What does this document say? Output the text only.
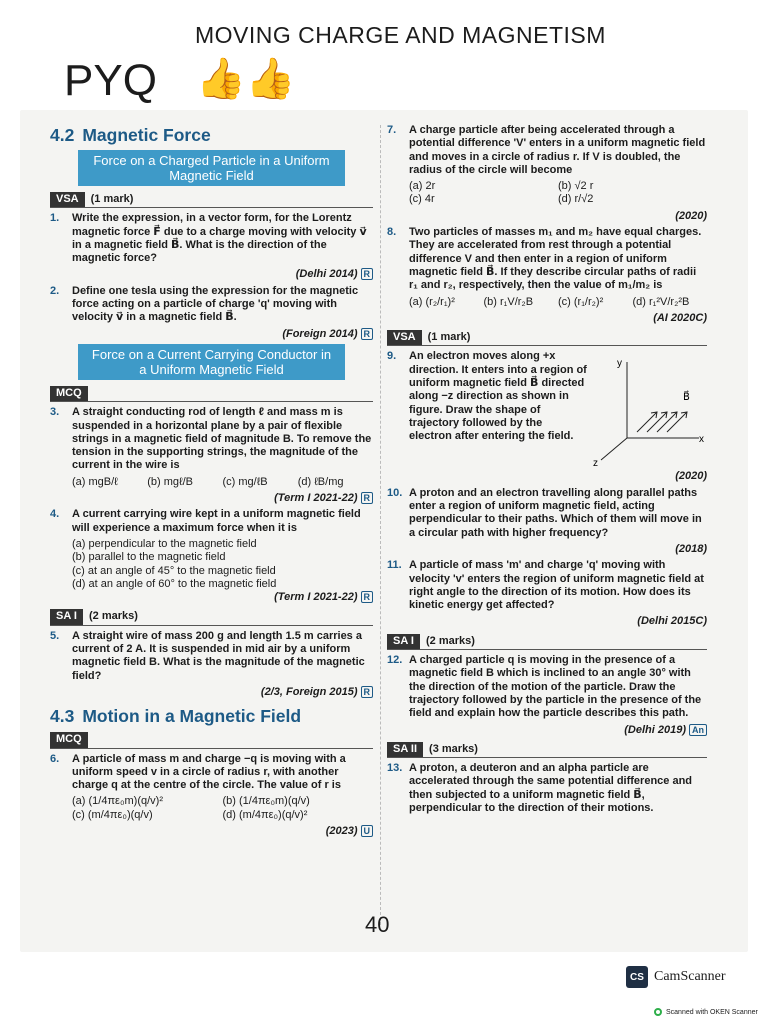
MOVING CHARGE AND MAGNETISM
PYQ 👍👍
4.2 Magnetic Force
Force on a Charged Particle in a Uniform Magnetic Field
VSA	(1 mark)
1.	Write the expression, in a vector form, for the Lorentz magnetic force F⃗ due to a charge moving with velocity v⃗ in a magnetic field B⃗. What is the direction of the magnetic force?
(Delhi 2014) R
2.	Define one tesla using the expression for the magnetic force acting on a particle of charge 'q' moving with velocity v⃗ in a magnetic field B⃗.
(Foreign 2014) R
Force on a Current Carrying Conductor in a Uniform Magnetic Field
MCQ
3.	A straight conducting rod of length ℓ and mass m is suspended in a horizontal plane by a pair of flexible strings in a magnetic field of magnitude B. To remove the tension in the supporting strings, the magnitude of the current in the wire is
(a) mgB/ℓ	(b) mgℓ/B	(c) mg/ℓB	(d) ℓB/mg
(Term I 2021-22) R
4.	A current carrying wire kept in a uniform magnetic field will experience a maximum force when it is
(a) perpendicular to the magnetic field
(b) parallel to the magnetic field
(c) at an angle of 45° to the magnetic field
(d) at an angle of 60° to the magnetic field
(Term I 2021-22) R
SA I	(2 marks)
5.	A straight wire of mass 200 g and length 1.5 m carries a current of 2 A. It is suspended in mid air by a uniform magnetic field B. What is the magnitude of the magnetic field?
(2/3, Foreign 2015) R
4.3 Motion in a Magnetic Field
MCQ
6.	A particle of mass m and charge −q is moving with a uniform speed v in a circle of radius r, with another charge q at the centre of the circle. The value of r is
(a) (1/4πε₀m)(q/v)²	(b) (1/4πε₀m)(q/v)
(c) (m/4πε₀)(q/v)	(d) (m/4πε₀)(q/v)²
(2023) U
7.	A charge particle after being accelerated through a potential difference 'V' enters in a uniform magnetic field and moves in a circle of radius r. If V is doubled, the radius of the circle will become
(a) 2r	(b) √2 r
(c) 4r	(d) r/√2
(2020)
8.	Two particles of masses m₁ and m₂ have equal charges. They are accelerated from rest through a potential difference V and then enter in a region of uniform magnetic field B⃗. If they describe circular paths of radii r₁ and r₂, respectively, then the value of m₁/m₂ is
(a) (r₂/r₁)²	(b) r₁V/r₂B	(c) (r₁/r₂)²	(d) r₁²V/r₂²B
(AI 2020C)
VSA	(1 mark)
9.	An electron moves along +x direction. It enters into a region of uniform magnetic field B⃗ directed along −z direction as shown in figure. Draw the shape of trajectory followed by the electron after entering the field.
y
x
z
B⃗
(2020)
10. A proton and an electron travelling along parallel paths enter a region of uniform magnetic field, acting perpendicular to their paths. Which of them will move in a circular path with higher frequency?
(2018)
11. A particle of mass 'm' and charge 'q' moving with velocity 'v' enters the region of uniform magnetic field at right angle to the direction of its motion. How does its kinetic energy get affected?
(Delhi 2015C)
SA I	(2 marks)
12. A charged particle q is moving in the presence of a magnetic field B which is inclined to an angle 30° with the direction of the motion of the particle. Draw the trajectory followed by the particle in the presence of the field and explain how the particle describes this path.
(Delhi 2019) An
SA II	(3 marks)
13. A proton, a deuteron and an alpha particle are accelerated through the same potential difference and then subjected to a uniform magnetic field B⃗, perpendicular to the direction of their motions.
40
CS CamScanner
Scanned with OKEN Scanner
